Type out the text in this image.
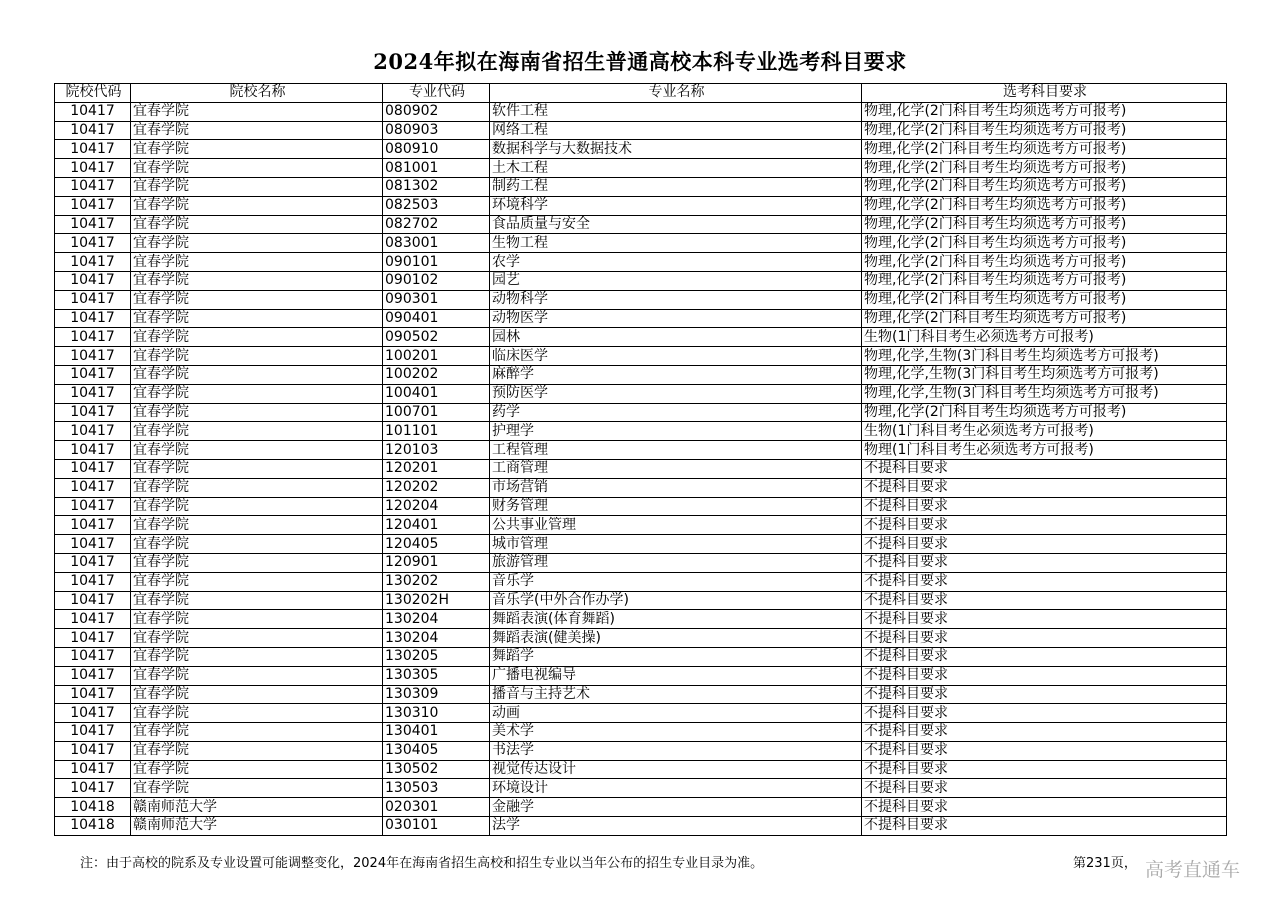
2024年拟在海南省招生普通高校本科专业选考科目要求
院校代码	院校名称	专业代码	专业名称	选考科目要求
10417	宜春学院	080902	软件工程	物理,化学(2门科目考生均须选考方可报考)
10417	宜春学院	080903	网络工程	物理,化学(2门科目考生均须选考方可报考)
10417	宜春学院	080910	数据科学与大数据技术	物理,化学(2门科目考生均须选考方可报考)
10417	宜春学院	081001	土木工程	物理,化学(2门科目考生均须选考方可报考)
10417	宜春学院	081302	制药工程	物理,化学(2门科目考生均须选考方可报考)
10417	宜春学院	082503	环境科学	物理,化学(2门科目考生均须选考方可报考)
10417	宜春学院	082702	食品质量与安全	物理,化学(2门科目考生均须选考方可报考)
10417	宜春学院	083001	生物工程	物理,化学(2门科目考生均须选考方可报考)
10417	宜春学院	090101	农学	物理,化学(2门科目考生均须选考方可报考)
10417	宜春学院	090102	园艺	物理,化学(2门科目考生均须选考方可报考)
10417	宜春学院	090301	动物科学	物理,化学(2门科目考生均须选考方可报考)
10417	宜春学院	090401	动物医学	物理,化学(2门科目考生均须选考方可报考)
10417	宜春学院	090502	园林	生物(1门科目考生必须选考方可报考)
10417	宜春学院	100201	临床医学	物理,化学,生物(3门科目考生均须选考方可报考)
10417	宜春学院	100202	麻醉学	物理,化学,生物(3门科目考生均须选考方可报考)
10417	宜春学院	100401	预防医学	物理,化学,生物(3门科目考生均须选考方可报考)
10417	宜春学院	100701	药学	物理,化学(2门科目考生均须选考方可报考)
10417	宜春学院	101101	护理学	生物(1门科目考生必须选考方可报考)
10417	宜春学院	120103	工程管理	物理(1门科目考生必须选考方可报考)
10417	宜春学院	120201	工商管理	不提科目要求
10417	宜春学院	120202	市场营销	不提科目要求
10417	宜春学院	120204	财务管理	不提科目要求
10417	宜春学院	120401	公共事业管理	不提科目要求
10417	宜春学院	120405	城市管理	不提科目要求
10417	宜春学院	120901	旅游管理	不提科目要求
10417	宜春学院	130202	音乐学	不提科目要求
10417	宜春学院	130202H	音乐学(中外合作办学)	不提科目要求
10417	宜春学院	130204	舞蹈表演(体育舞蹈)	不提科目要求
10417	宜春学院	130204	舞蹈表演(健美操)	不提科目要求
10417	宜春学院	130205	舞蹈学	不提科目要求
10417	宜春学院	130305	广播电视编导	不提科目要求
10417	宜春学院	130309	播音与主持艺术	不提科目要求
10417	宜春学院	130310	动画	不提科目要求
10417	宜春学院	130401	美术学	不提科目要求
10417	宜春学院	130405	书法学	不提科目要求
10417	宜春学院	130502	视觉传达设计	不提科目要求
10417	宜春学院	130503	环境设计	不提科目要求
10418	赣南师范大学	020301	金融学	不提科目要求
10418	赣南师范大学	030101	法学	不提科目要求
注：由于高校的院系及专业设置可能调整变化，2024年在海南省招生高校和招生专业以当年公布的招生专业目录为准。	第231页， 高考直通车
